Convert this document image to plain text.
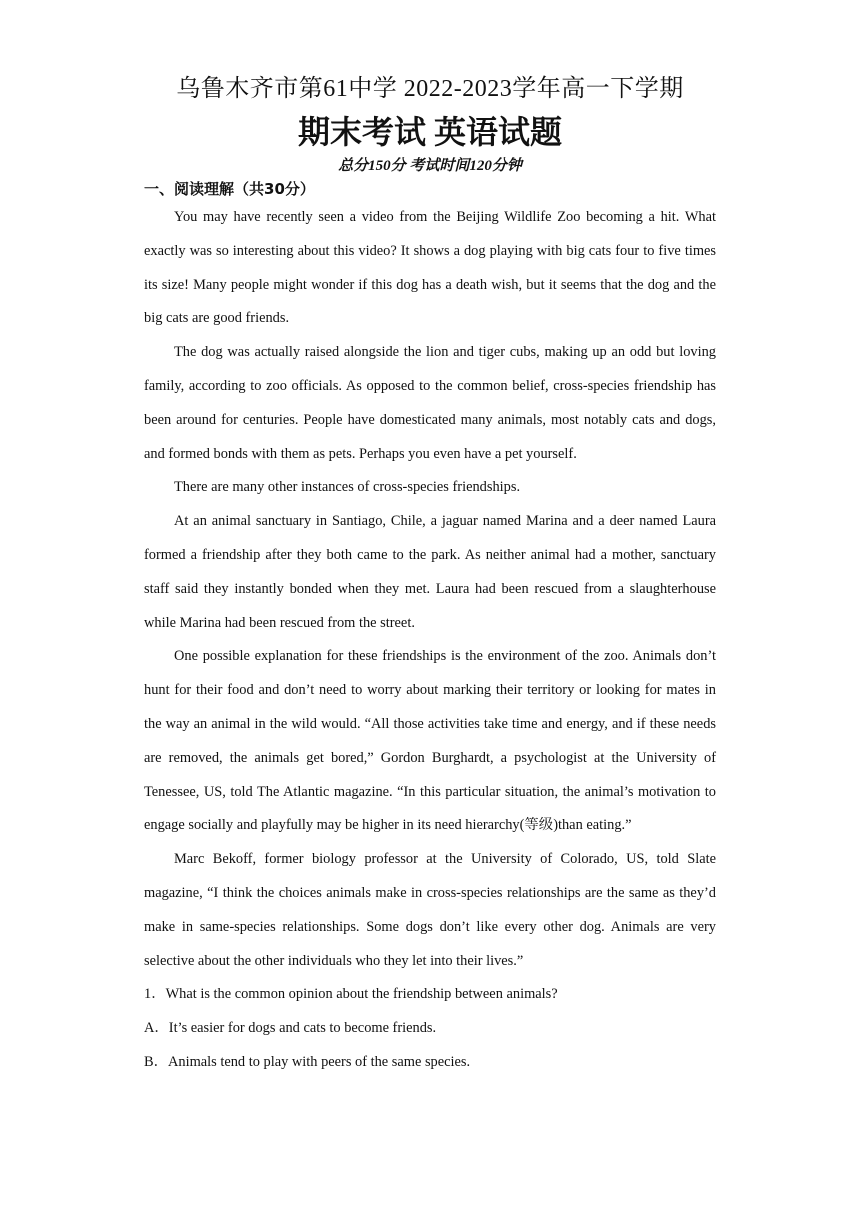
乌鲁木齐市第61中学 2022-2023学年高一下学期
期末考试 英语试题
总分150分 考试时间120分钟
一、阅读理解（共30分）

You may have recently seen a video from the Beijing Wildlife Zoo becoming a hit. What exactly was so interesting about this video? It shows a dog playing with big cats four to five times its size! Many people might wonder if this dog has a death wish, but it seems that the dog and the big cats are good friends.

The dog was actually raised alongside the lion and tiger cubs, making up an odd but loving family, according to zoo officials. As opposed to the common belief, cross-species friendship has been around for centuries. People have domesticated many animals, most notably cats and dogs, and formed bonds with them as pets. Perhaps you even have a pet yourself.

There are many other instances of cross-species friendships.

At an animal sanctuary in Santiago, Chile, a jaguar named Marina and a deer named Laura formed a friendship after they both came to the park. As neither animal had a mother, sanctuary staff said they instantly bonded when they met. Laura had been rescued from a slaughterhouse while Marina had been rescued from the street.

One possible explanation for these friendships is the environment of the zoo. Animals don’t hunt for their food and don’t need to worry about marking their territory or looking for mates in the way an animal in the wild would. “All those activities take time and energy, and if these needs are removed, the animals get bored,” Gordon Burghardt, a psychologist at the University of Tenessee, US, told The Atlantic magazine. “In this particular situation, the animal’s motivation to engage socially and playfully may be higher in its need hierarchy(等级)than eating.”

Marc Bekoff, former biology professor at the University of Colorado, US, told Slate magazine, “I think the choices animals make in cross-species relationships are the same as they’d make in same-species relationships. Some dogs don’t like every other dog. Animals are very selective about the other individuals who they let into their lives.”

1．What is the common opinion about the friendship between animals?

A．It’s easier for dogs and cats to become friends.

B．Animals tend to play with peers of the same species.
